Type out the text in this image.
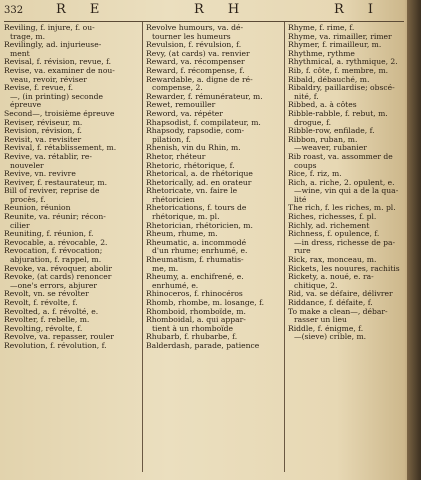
332	R E	R H	R I
Reviling, f. injure, f. ou-
trage, m.
Revilingly, ad. injurieuse-
ment
Revisal, f. révision, revue, f.
Revise, va. examiner de nou-
veau, revoir, réviser
Revise, f. revue, f.
—, (in printing) seconde
épreuve
Second—, troisième épreuve
Reviser, réviseur, m.
Revision, révision, f.
Revisit, va. revisiter
Revival, f. rétablissement, m.
Revive, va. rétablir, re-
nouveler
Revive, vn. revivre
Reviver, f. restaurateur, m.
Bill of reviver, reprise de
procès, f.
Reunion, réunion
Reunite, va. réunir; récon-
cilier
Reuniting, f. réunion, f.
Revocable, a. révocable, 2.
Revocation, f. révocation;
abjuration, f. rappel, m.
Revoke, va. révoquer, abolir
Revoke, (at cards) renoncer
—one's errors, abjurer
Revolt, vn. se révolter
Revolt, f. révolte, f.
Revolted, a. f. révolté, e.
Revolter, f. rebelle, m.
Revolting, révolte, f.
Revolve, va. repasser, rouler
Revolution, f. révolution, f.
Revolve humours, va. dé-
tourner les humeurs
Revulsion, f. révulsion, f.
Revy, (at cards) va. renvier
Reward, va. récompenser
Reward, f. récompense, f.
Rewardable, a. digne de ré-
compense, 2.
Rewarder, f. rémunérateur, m.
Rewet, remouiller
Reword, va. répéter
Rhapsodist, f. compilateur, m.
Rhapsody, rapsodie, com-
pilation, f.
Rhenish, vin du Rhin, m.
Rhetor, rhéteur
Rhetoric, rhétorique, f.
Rhetorical, a. de rhétorique
Rhetorically, ad. en orateur
Rhetoricate, vn. faire le
rhétoricien
Rhetorications, f. tours de
rhétorique, m. pl.
Rhetorician, rhétoricien, m.
Rheum, rhume, m.
Rheumatic, a. incommodé
d'un rhume; enrhumé, e.
Rheumatism, f. rhumatis-
me, m.
Rheumy, a. enchifrené, e.
enrhumé, e.
Rhinoceros, f. rhinocéros
Rhomb, rhombe, m. losange, f.
Rhomboid, rhomboïde, m.
Rhomboidal, a. qui appar-
tient à un rhomboïde
Rhubarb, f. rhubarbe, f.
Balderdash, parade, patience
Rhyme, f. rime, f.
Rhyme, va. rimailler, rimer
Rhymer, f. rimailleur, m.
Rhythme, rythme
Rhythmical, a. rythmique, 2.
Rib, f. côte, f. membre, m.
Ribald, débauché, m.
Ribaldry, paillardise; obscé-
nité, f.
Ribbed, a. à côtes
Ribble-rabble, f. rebut, m.
drogue, f.
Ribble-row, enfilade, f.
Ribbon, ruban, m.
—weaver, rubanier
Rib roast, va. assommer de
coups
Rice, f. riz, m.
Rich, a. riche, 2. opulent, e.
—wine, vin qui a de la qua-
lité
The rich, f. les riches, m. pl.
Riches, richesses, f. pl.
Richly, ad. richement
Richness, f. opulence, f.
—in dress, richesse de pa-
rure
Rick, rax, monceau, m.
Rickets, les nouures, rachitis
Rickety, a. noué, e. ra-
chitique, 2.
Rid, va. se défaire, délivrer
Riddance, f. défaite, f.
To make a clean—, débar-
rasser un lieu
Riddle, f. énigme, f.
—(sieve) crible, m.
